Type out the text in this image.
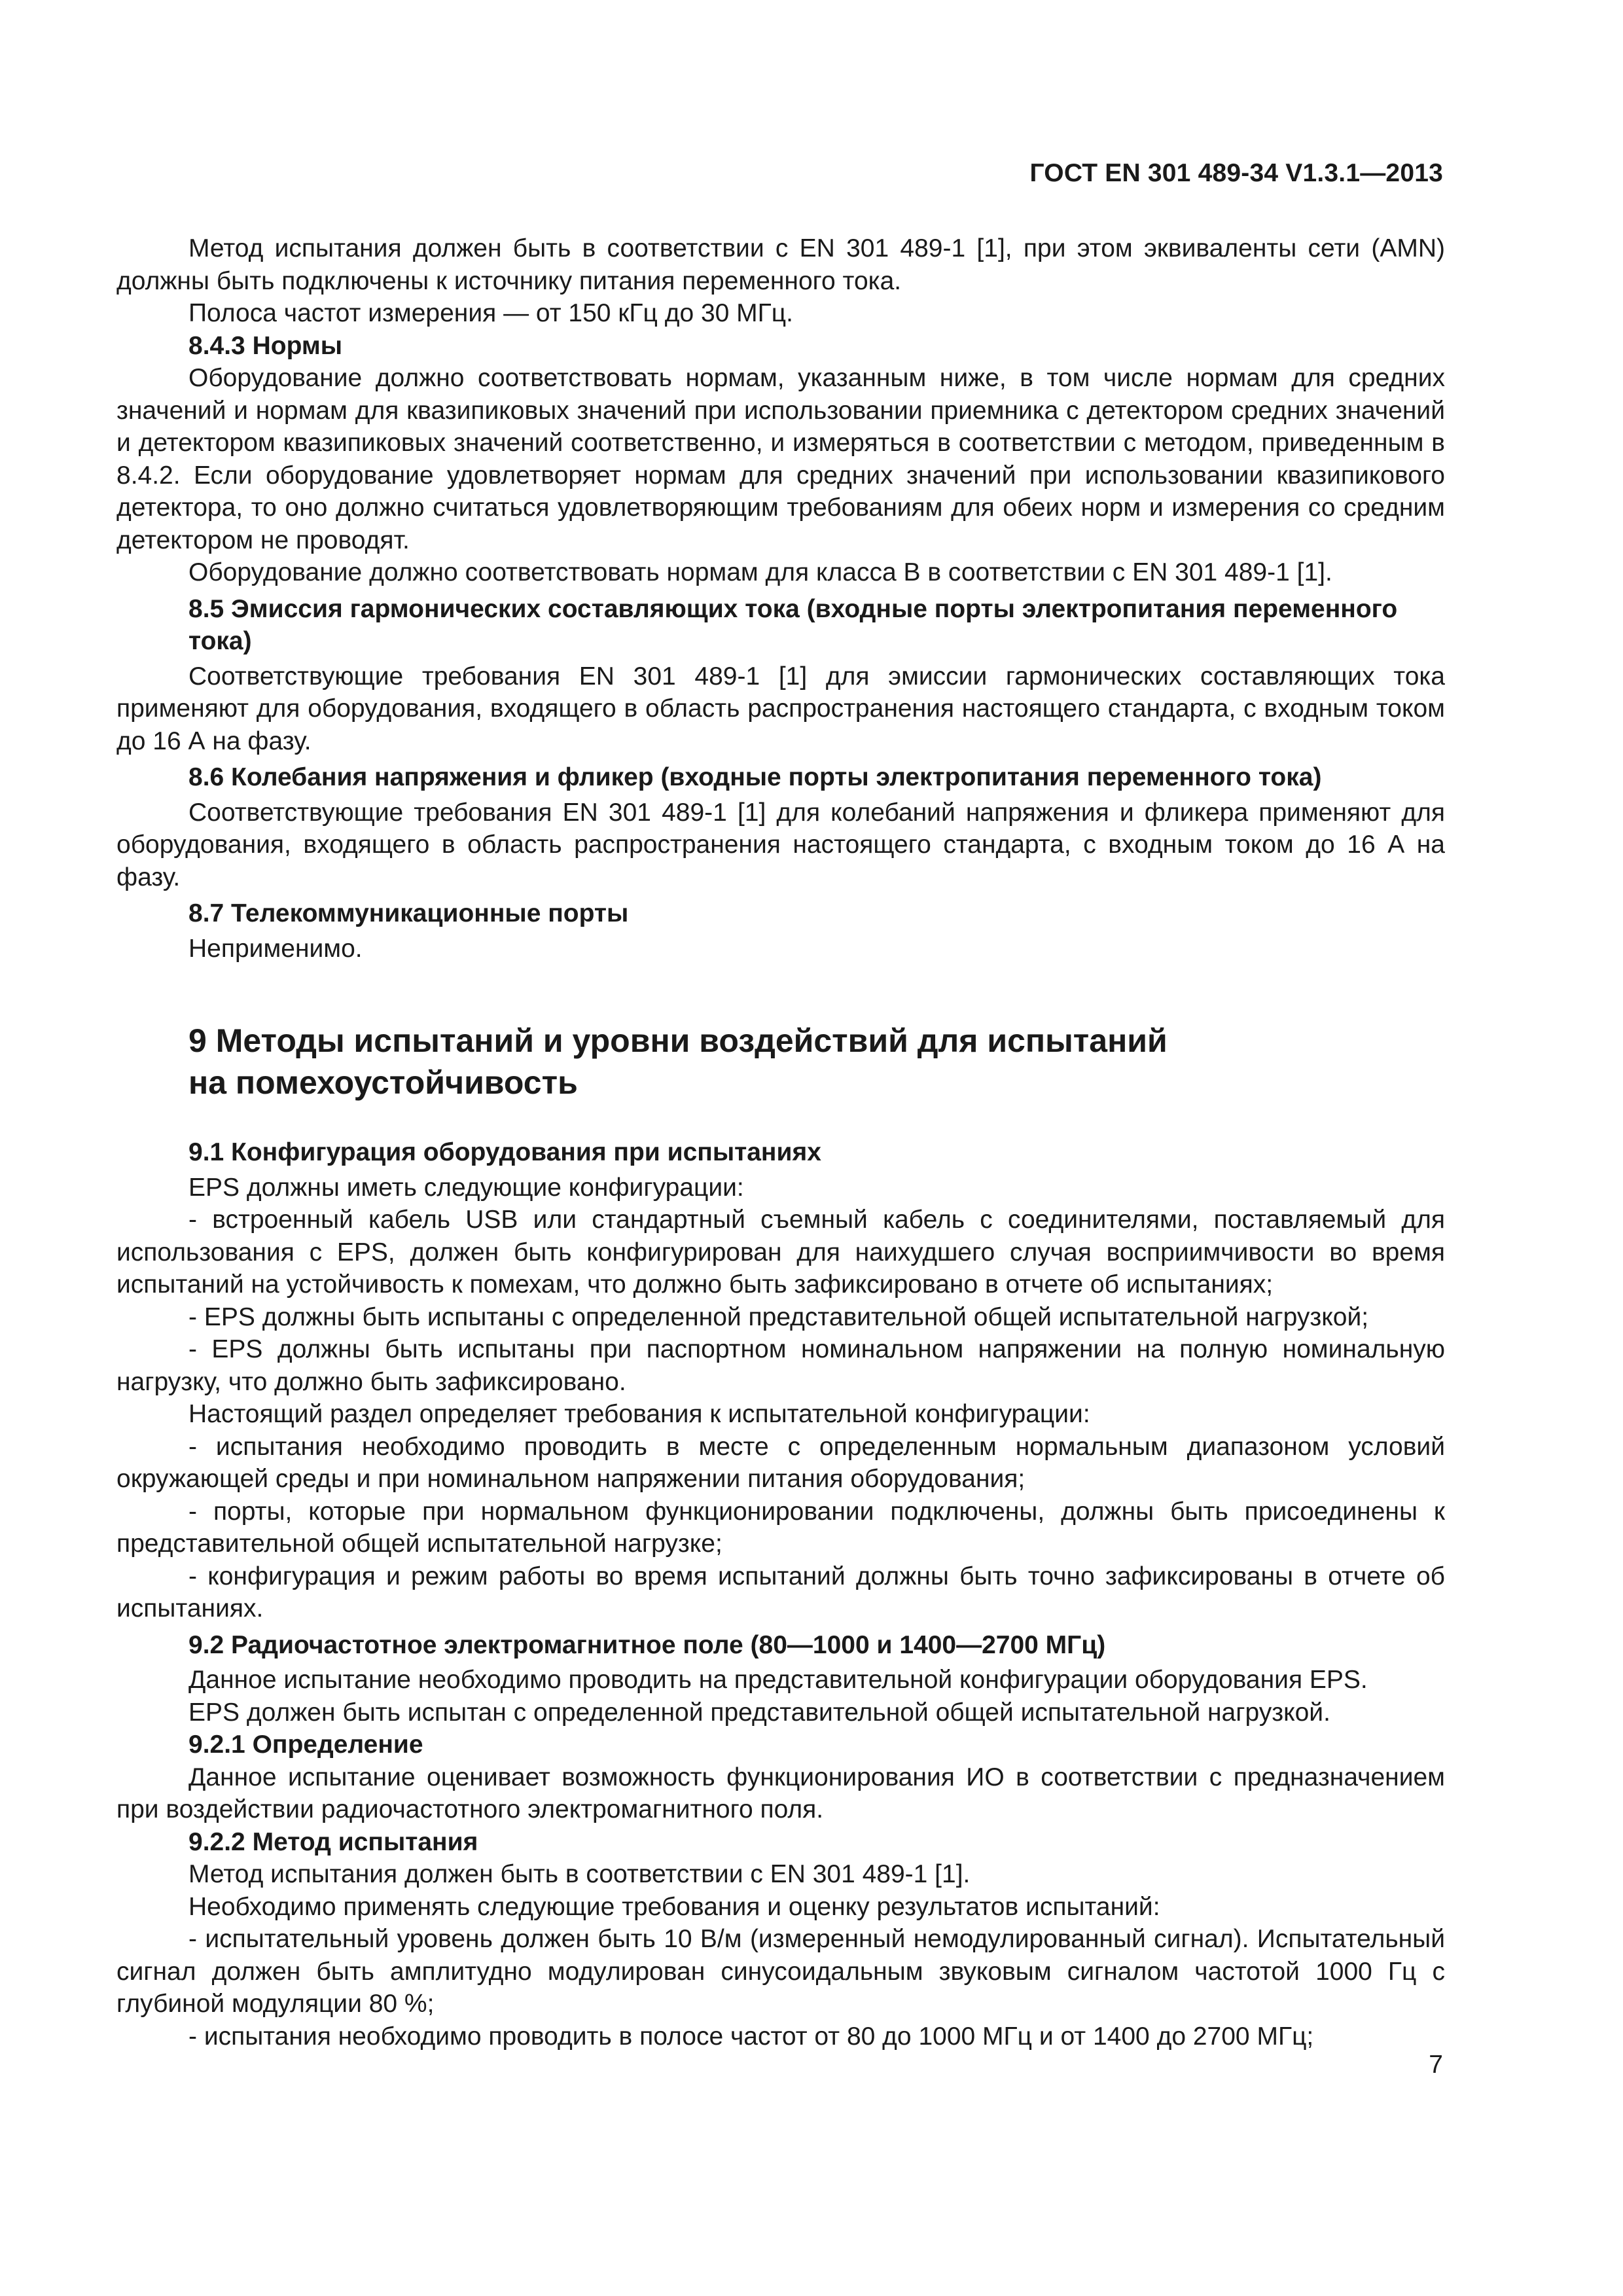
ГОСТ EN 301 489-34 V1.3.1—2013

Метод испытания должен быть в соответствии с EN 301 489-1 [1], при этом эквиваленты сети (AMN) должны быть подключены к источнику питания переменного тока.

Полоса частот измерения — от 150 кГц до 30 МГц.

8.4.3 Нормы

Оборудование должно соответствовать нормам, указанным ниже, в том числе нормам для средних значений и нормам для квазипиковых значений при использовании приемника с детектором средних значений и детектором квазипиковых значений соответственно, и измеряться в соответствии с методом, приведенным в 8.4.2. Если оборудование удовлетворяет нормам для средних значений при использовании квазипикового детектора, то оно должно считаться удовлетворяющим требованиям для обеих норм и измерения со средним детектором не проводят.

Оборудование должно соответствовать нормам для класса В в соответствии с EN 301 489-1 [1].

8.5 Эмиссия гармонических составляющих тока (входные порты электропитания переменного тока)

Соответствующие требования EN 301 489-1 [1] для эмиссии гармонических составляющих тока применяют для оборудования, входящего в область распространения настоящего стандарта, с входным током до 16 А на фазу.

8.6 Колебания напряжения и фликер (входные порты электропитания переменного тока)

Соответствующие требования EN 301 489-1 [1] для колебаний напряжения и фликера применяют для оборудования, входящего в область распространения настоящего стандарта, с входным током до 16 А на фазу.

8.7 Телекоммуникационные порты

Неприменимо.

9 Методы испытаний и уровни воздействий для испытаний
на помехоустойчивость
9.1 Конфигурация оборудования при испытаниях

EPS должны иметь следующие конфигурации:

- встроенный кабель USB или стандартный съемный кабель с соединителями, поставляемый для использования с EPS, должен быть конфигурирован для наихудшего случая восприимчивости во время испытаний на устойчивость к помехам, что должно быть зафиксировано в отчете об испытаниях;

- EPS должны быть испытаны с определенной представительной общей испытательной нагрузкой;

- EPS должны быть испытаны при паспортном номинальном напряжении на полную номинальную нагрузку, что должно быть зафиксировано.

Настоящий раздел определяет требования к испытательной конфигурации:

- испытания необходимо проводить в месте с определенным нормальным диапазоном условий окружающей среды и при номинальном напряжении питания оборудования;

- порты, которые при нормальном функционировании подключены, должны быть присоединены к представительной общей испытательной нагрузке;

- конфигурация и режим работы во время испытаний должны быть точно зафиксированы в отчете об испытаниях.

9.2 Радиочастотное электромагнитное поле (80—1000 и 1400—2700 МГц)

Данное испытание необходимо проводить на представительной конфигурации оборудования EPS.

EPS должен быть испытан с определенной представительной общей испытательной нагрузкой.

9.2.1 Определение

Данное испытание оценивает возможность функционирования ИО в соответствии с предназначением при воздействии радиочастотного электромагнитного поля.

9.2.2 Метод испытания

Метод испытания должен быть в соответствии с EN 301 489-1 [1].

Необходимо применять следующие требования и оценку результатов испытаний:

- испытательный уровень должен быть 10 В/м (измеренный немодулированный сигнал). Испытательный сигнал должен быть амплитудно модулирован синусоидальным звуковым сигналом частотой 1000 Гц с глубиной модуляции 80 %;

- испытания необходимо проводить в полосе частот от 80 до 1000 МГц и от 1400 до 2700 МГц;

7
